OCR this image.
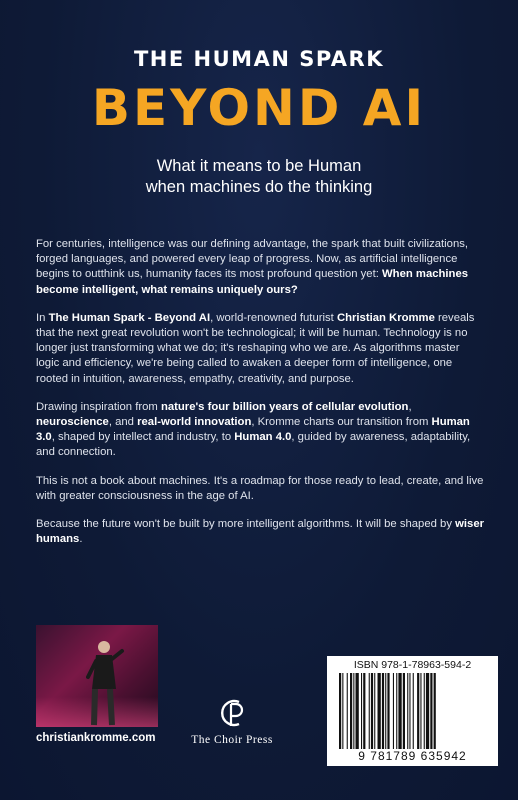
THE HUMAN SPARK
BEYOND AI
What it means to be Human
when machines do the thinking

For centuries, intelligence was our defining advantage, the spark that built civilizations, forged languages, and powered every leap of progress. Now, as artificial intelligence begins to outthink us, humanity faces its most profound question yet: When machines become intelligent, what remains uniquely ours?

In The Human Spark - Beyond AI, world-renowned futurist Christian Kromme reveals that the next great revolution won't be technological; it will be human. Technology is no longer just transforming what we do; it's reshaping who we are. As algorithms master logic and efficiency, we're being called to awaken a deeper form of intelligence, one rooted in intuition, awareness, empathy, creativity, and purpose.

Drawing inspiration from nature's four billion years of cellular evolution, neuroscience, and real-world innovation, Kromme charts our transition from Human 3.0, shaped by intellect and industry, to Human 4.0, guided by awareness, adaptability, and connection.

This is not a book about machines. It's a roadmap for those ready to lead, create, and live with greater consciousness in the age of AI.

Because the future won't be built by more intelligent algorithms. It will be shaped by wiser humans.

christiankromme.com	The Choir Press
ISBN 978-1-78963-594-2
9 781789 635942
